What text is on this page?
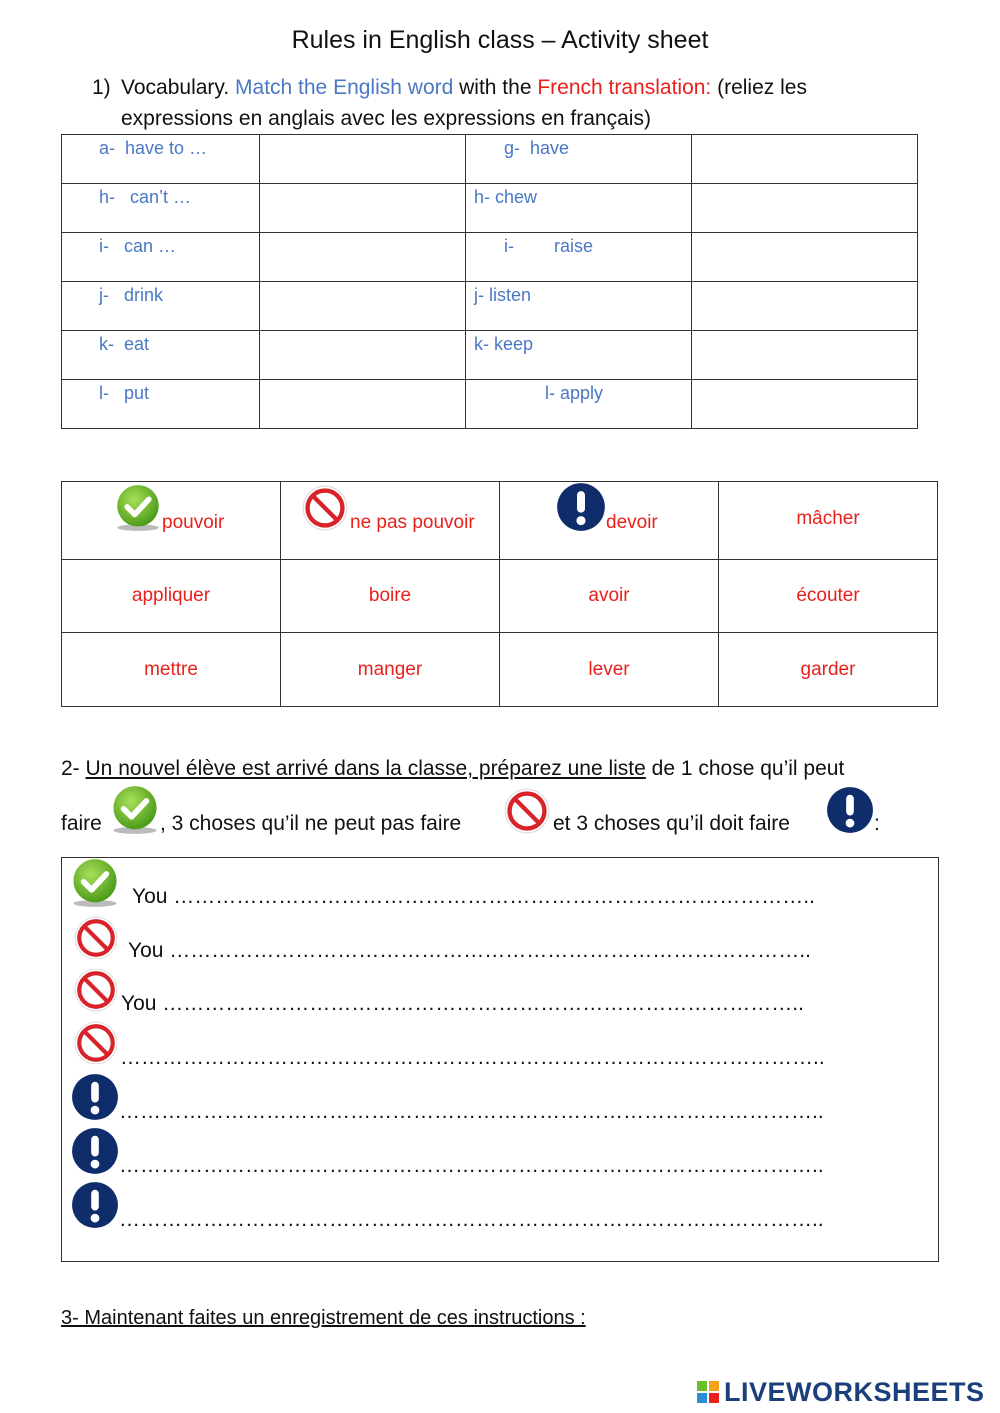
Rules in English class – Activity sheet
1) Vocabulary. Match the English word with the French translation: (reliez les expressions en anglais avec les expressions en français)
a-  have to …		g-  have	

h-   can’t …		h- chew	

i-   can …		i-        raise	

j-   drink		j- listen	

k-  eat		k- keep	

l-   put		l- apply	

pouvoir	ne pas pouvoir	devoir	mâcher

appliquer	boire	avoir	écouter
mettre	manger	lever	garder
2- Un nouvel élève est arrivé dans la classe, préparez une liste de 1 chose qu’il peut
faire	, 3 choses qu’il ne peut pas faire	et 3 choses qu’il doit faire	:
You ………………………………………………………………………………..
You ………………………………………………………………………………..
You ………………………………………………………………………………..
………………………………………………………………………………………..
………………………………………………………………………………………..
………………………………………………………………………………………..
………………………………………………………………………………………..
3- Maintenant faites un enregistrement de ces instructions :
LIVEWORKSHEETS
